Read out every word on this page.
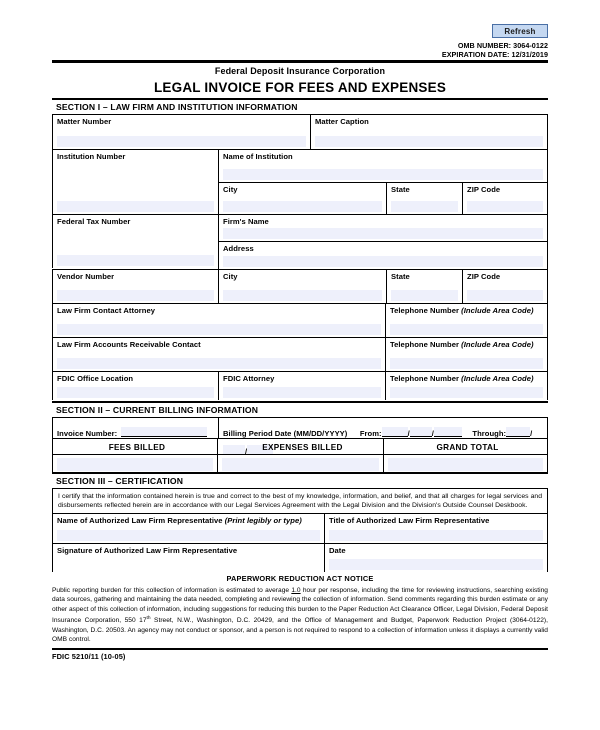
Refresh
OMB NUMBER: 3064-0122
EXPIRATION DATE: 12/31/2019
Federal Deposit Insurance Corporation
LEGAL INVOICE FOR FEES AND EXPENSES
SECTION I – LAW FIRM AND INSTITUTION INFORMATION
Matter Number	Matter Caption
Institution Number	Name of Institution
City	State	ZIP Code
Federal Tax Number	Firm's Name
Address
Vendor Number	City	State	ZIP Code
Law Firm Contact Attorney	Telephone Number (Include Area Code)
Law Firm Accounts Receivable Contact	Telephone Number (Include Area Code)
FDIC Office Location	FDIC Attorney	Telephone Number (Include Area Code)
SECTION II – CURRENT BILLING INFORMATION
Invoice Number:	Billing Period Date (MM/DD/YYYY) From:	/	/	Through:	//
FEES BILLED	EXPENSES BILLED	GRAND TOTAL
SECTION III – CERTIFICATION
I certify that the information contained herein is true and correct to the best of my knowledge, information, and belief, and that all charges for legal services and disbursements reflected herein are in accordance with our Legal Services Agreement with the Legal Division and the Division's Outside Counsel Deskbook.
Name of Authorized Law Firm Representative (Print legibly or type)	Title of Authorized Law Firm Representative
Signature of Authorized Law Firm Representative	Date
PAPERWORK REDUCTION ACT NOTICE
Public reporting burden for this collection of information is estimated to average 1.0 hour per response, including the time for reviewing instructions, searching existing data sources, gathering and maintaining the data needed, completing and reviewing the collection of information. Send comments regarding this burden estimate or any other aspect of this collection of information, including suggestions for reducing this burden to the Paper Reduction Act Clearance Officer, Legal Division, Federal Deposit Insurance Corporation, 550 17th Street, N.W., Washington, D.C. 20429, and the Office of Management and Budget, Paperwork Reduction Project (3064-0122), Washington, D.C. 20503. An agency may not conduct or sponsor, and a person is not required to respond to a collection of information unless it displays a currently valid OMB control.
FDIC 5210/11 (10-05)
